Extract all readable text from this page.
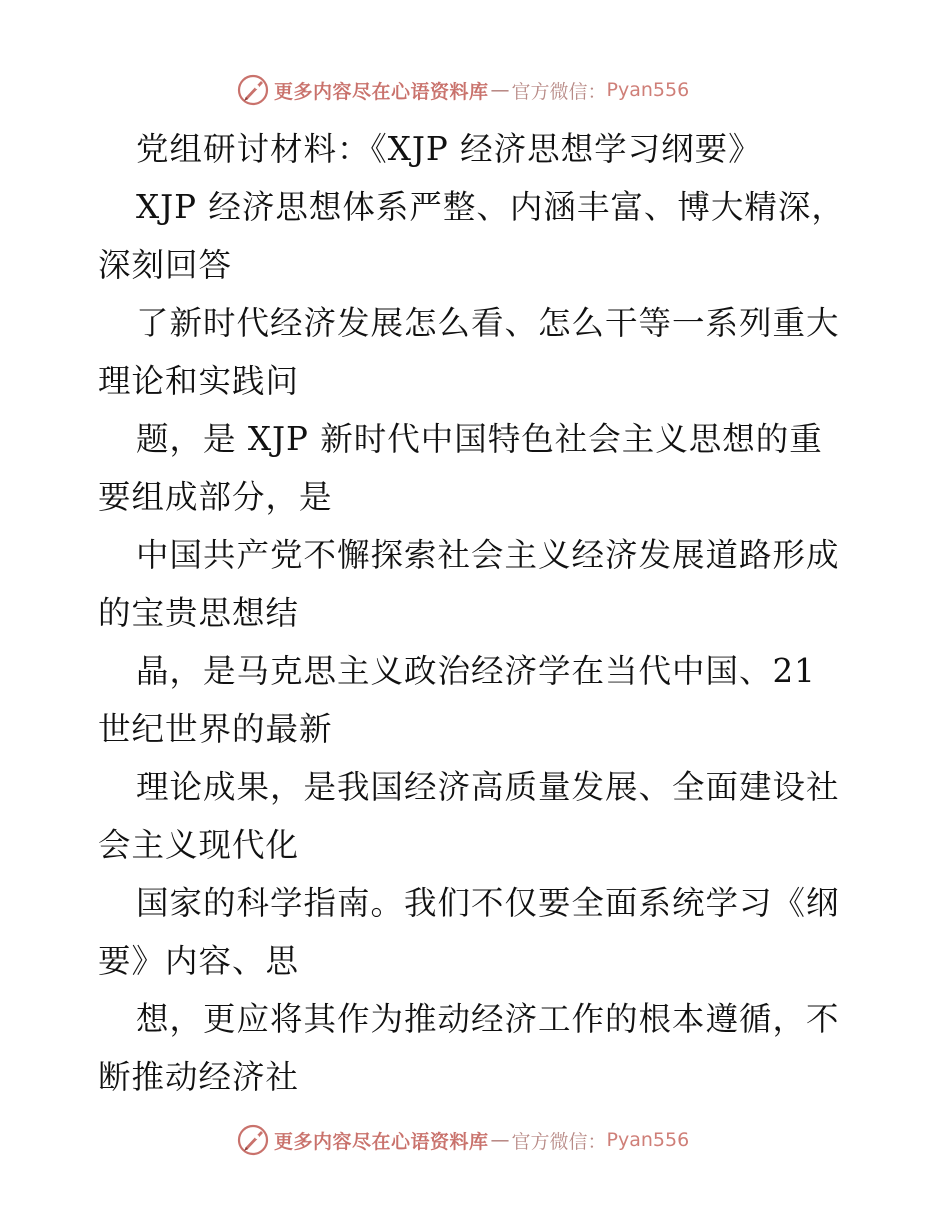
更多内容尽在心语资料库 — 官方微信： Pyan556
党组研讨材料：《XJP 经济思想学习纲要》
XJP 经济思想体系严整、内涵丰富、博大精深，
深刻回答
了新时代经济发展怎么看、怎么干等一系列重大
理论和实践问
题，是 XJP 新时代中国特色社会主义思想的重
要组成部分，是
中国共产党不懈探索社会主义经济发展道路形成
的宝贵思想结
晶，是马克思主义政治经济学在当代中国、21
世纪世界的最新
理论成果，是我国经济高质量发展、全面建设社
会主义现代化
国家的科学指南。我们不仅要全面系统学习《纲
要》内容、思
想，更应将其作为推动经济工作的根本遵循，不
断推动经济社
更多内容尽在心语资料库 — 官方微信： Pyan556
